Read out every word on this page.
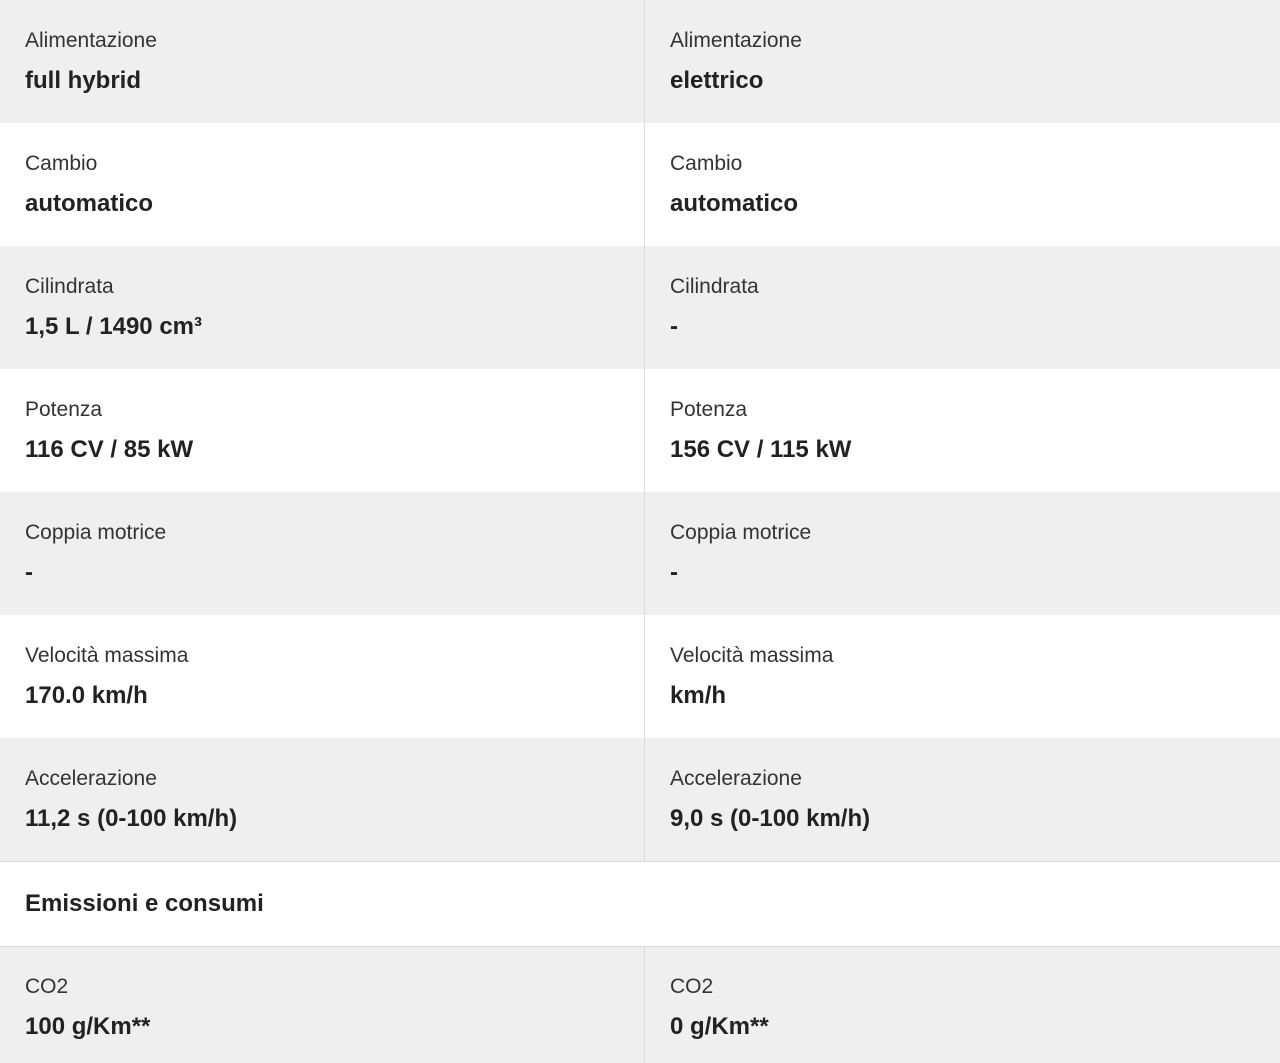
Alimentazione
full hybrid
Alimentazione
elettrico
Cambio
automatico
Cambio
automatico
Cilindrata
1,5 L / 1490 cm³
Cilindrata
-
Potenza
116 CV / 85 kW
Potenza
156 CV / 115 kW
Coppia motrice
-
Coppia motrice
-
Velocità massima
170.0 km/h
Velocità massima
km/h
Accelerazione
11,2 s (0-100 km/h)
Accelerazione
9,0 s (0-100 km/h)
Emissioni e consumi
CO2
100 g/Km**
CO2
0 g/Km**
